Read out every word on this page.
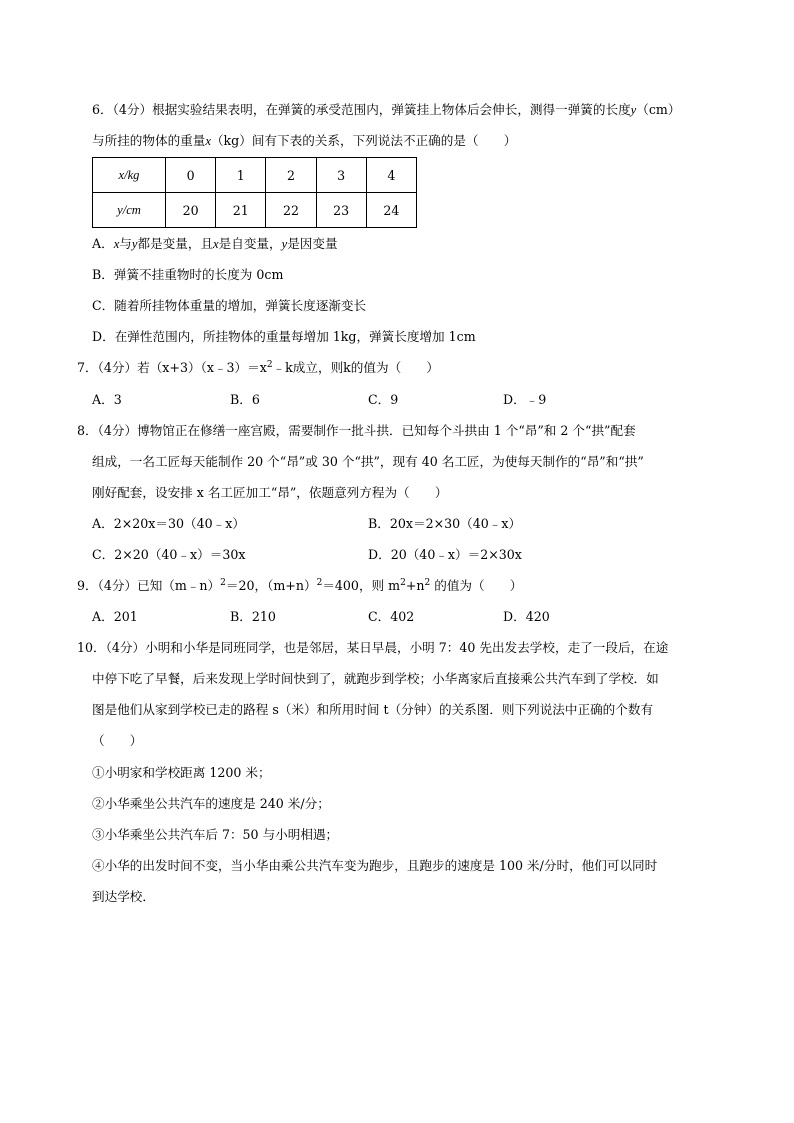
6．（4分）根据实验结果表明，在弹簧的承受范围内，弹簧挂上物体后会伸长，测得一弹簧的长度y（cm）
与所挂的物体的重量x（kg）间有下表的关系，下列说法不正确的是（　　）
x/kg	0	1	2	3	4
y/cm	20	21	22	23	24
A．x与y都是变量，且x是自变量，y是因变量
B．弹簧不挂重物时的长度为 0cm
C．随着所挂物体重量的增加，弹簧长度逐渐变长
D．在弹性范围内，所挂物体的重量每增加 1kg，弹簧长度增加 1cm
7．（4分）若$(x+3)(x﹣3)=x^2﹣k$成立，则k的值为（　　）
A．3	B．6	C．9	D．﹣9
8．（4分）博物馆正在修缮一座宫殿，需要制作一批斗拱．已知每个斗拱由 1 个“昂”和 2 个“拱”配套
组成，一名工匠每天能制作 20 个“昂”或 30 个“拱”，现有 40 名工匠，为使每天制作的“昂”和“拱”
刚好配套，设安排 x 名工匠加工“昂”，依题意列方程为（　　）
A．2×20x＝30（40﹣x）	B．20x＝2×30（40﹣x）
C．2×20（40﹣x）＝30x	D．20（40﹣x）＝2×30x
9．（4分）已知（m﹣n）$^2$＝20，$(m+n)^2=400$，则 $m^2+n^2$ 的值为（　　）
A．201	B．210	C．402	D．420
10．（4分）小明和小华是同班同学，也是邻居，某日早晨，小明 7：40 先出发去学校，走了一段后，在途
中停下吃了早餐，后来发现上学时间快到了，就跑步到学校；小华离家后直接乘公共汽车到了学校．如
图是他们从家到学校已走的路程 s（米）和所用时间 t（分钟）的关系图．则下列说法中正确的个数有
（　　）
①小明家和学校距离 1200 米；
②小华乘坐公共汽车的速度是 240 米/分；
③小华乘坐公共汽车后 7：50 与小明相遇；
④小华的出发时间不变，当小华由乘公共汽车变为跑步，且跑步的速度是 100 米/分时，他们可以同时
到达学校．
